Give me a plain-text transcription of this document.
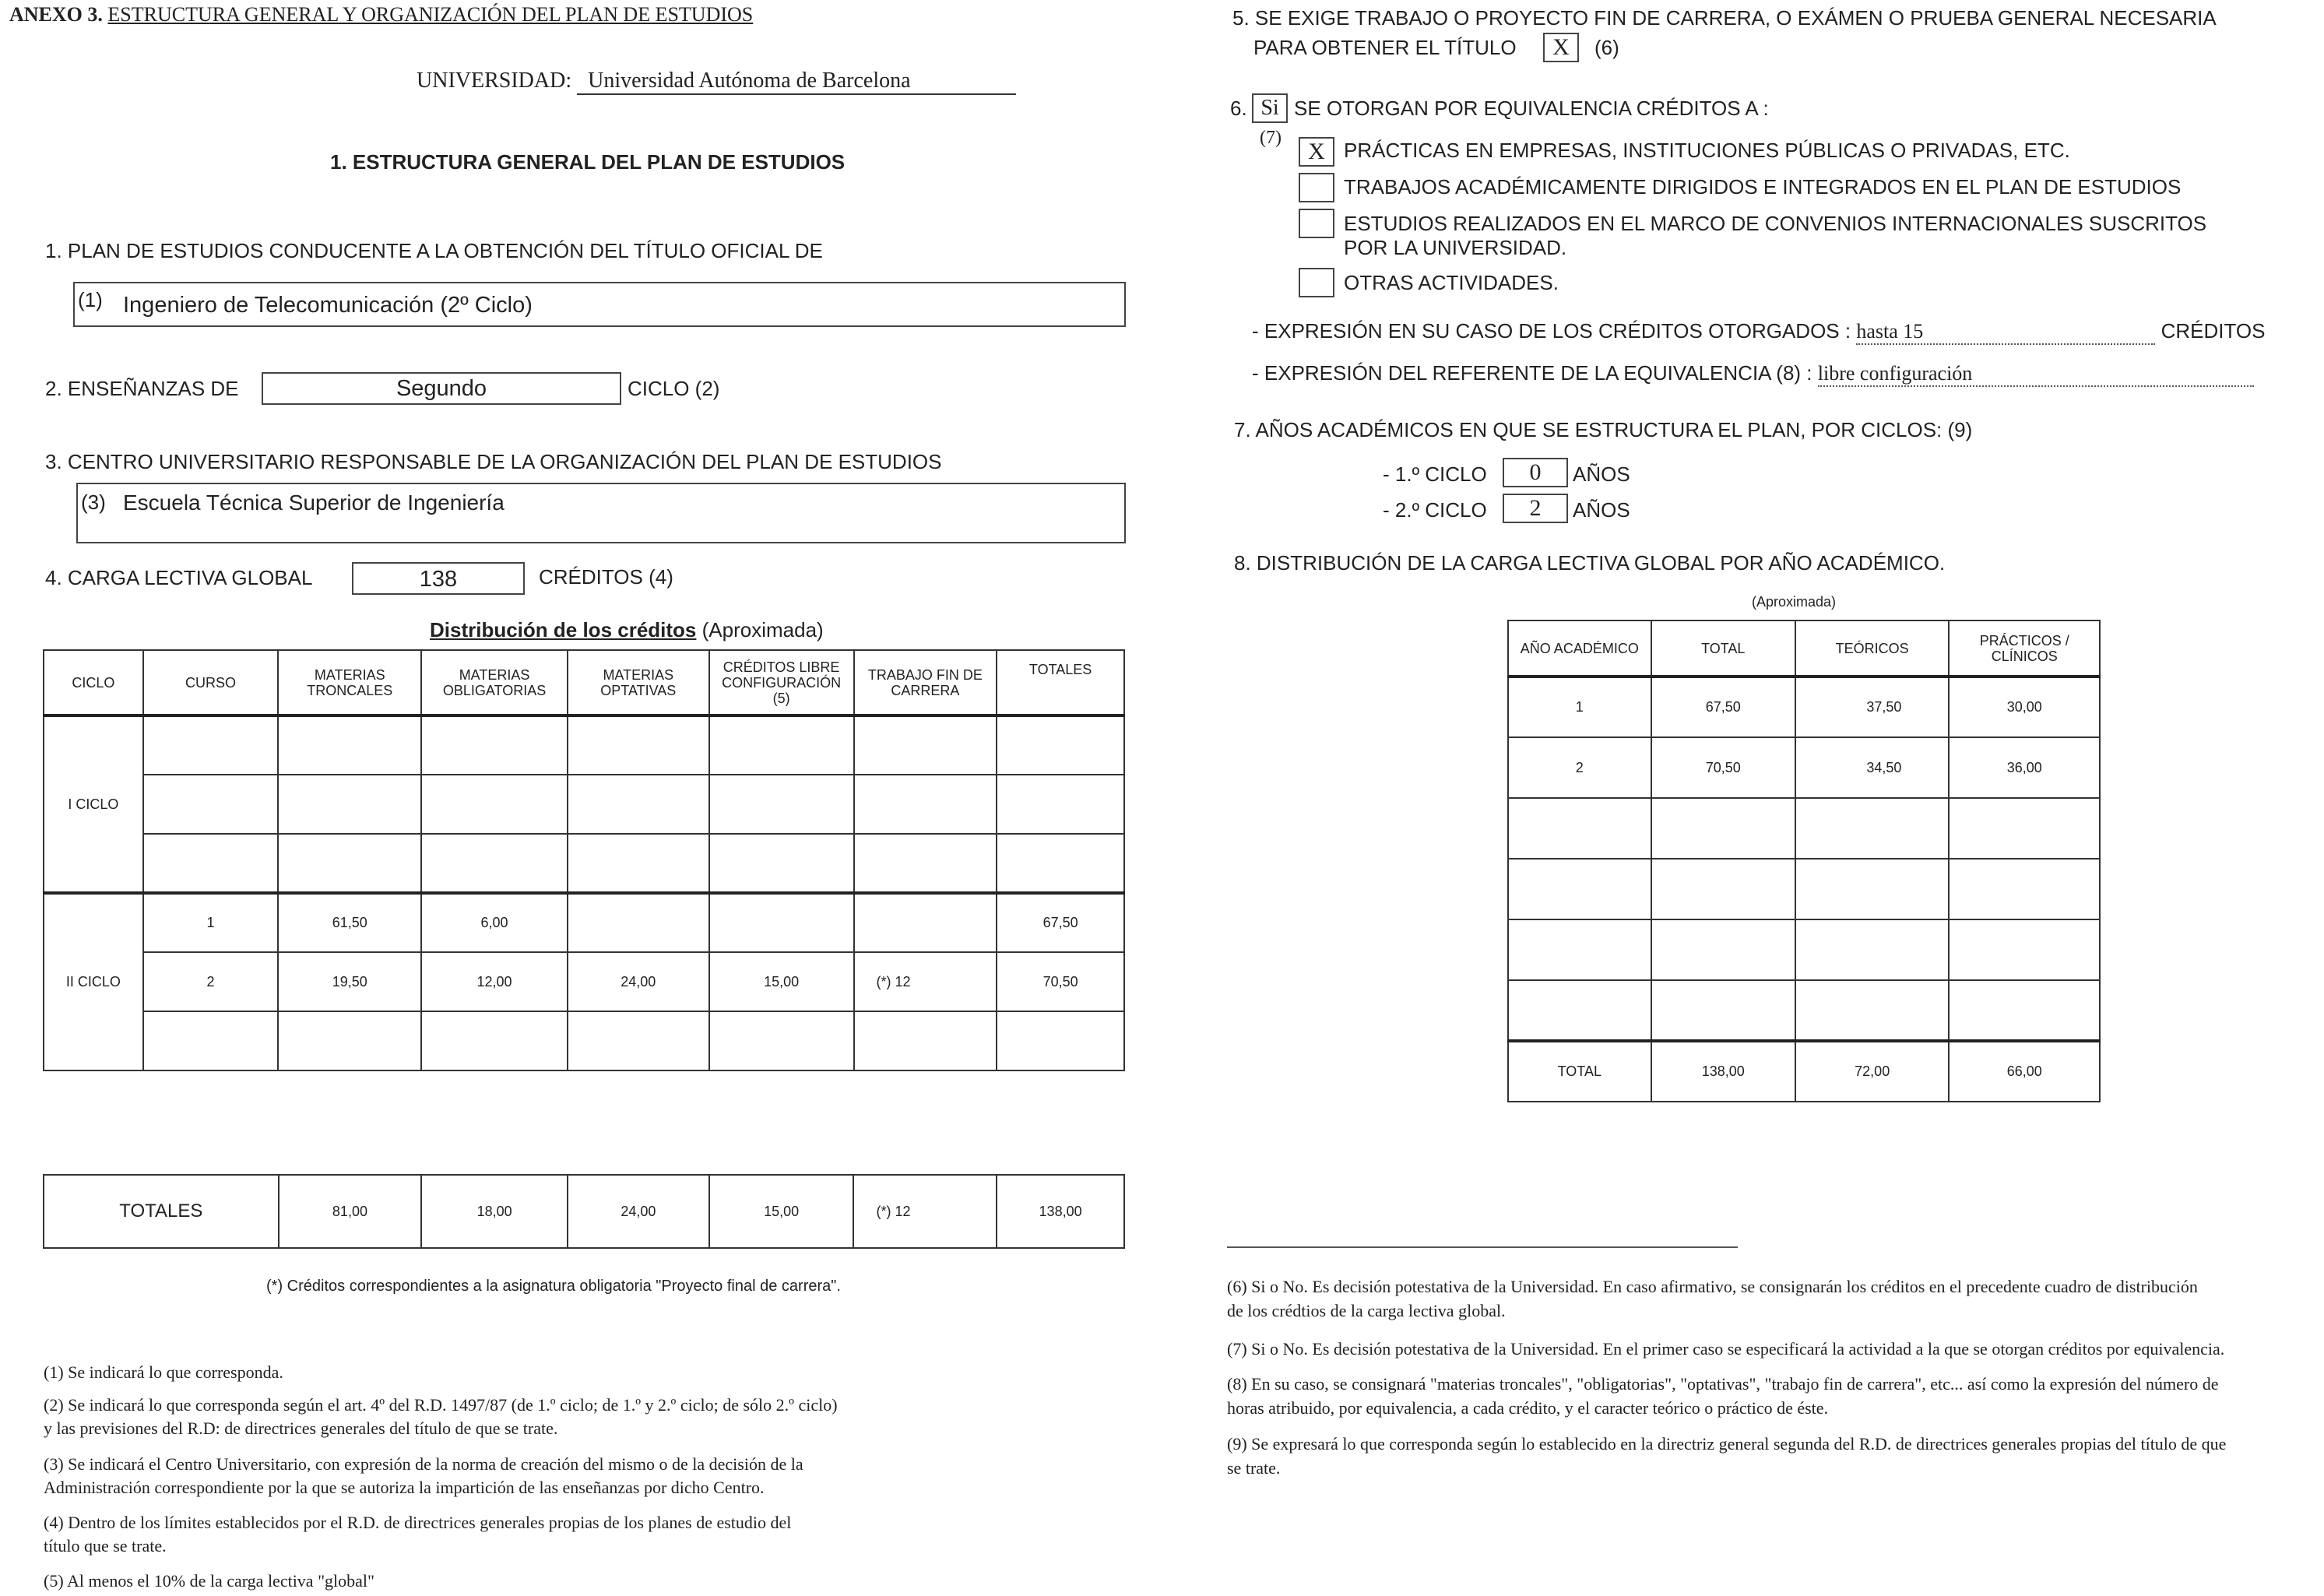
ANEXO 3. ESTRUCTURA GENERAL Y ORGANIZACIÓN DEL PLAN DE ESTUDIOS
UNIVERSIDAD: Universidad Autónoma de Barcelona
1. ESTRUCTURA GENERAL DEL PLAN DE ESTUDIOS
1. PLAN DE ESTUDIOS CONDUCENTE A LA OBTENCIÓN DEL TÍTULO OFICIAL DE
(1) Ingeniero de Telecomunicación (2º Ciclo)
2. ENSEÑANZAS DE	Segundo	CICLO (2)
3. CENTRO UNIVERSITARIO RESPONSABLE DE LA ORGANIZACIÓN DEL PLAN DE ESTUDIOS
(3) Escuela Técnica Superior de Ingeniería
4. CARGA LECTIVA GLOBAL	138	CRÉDITOS (4)
Distribución de los créditos (Aproximada)
CICLO	CURSO	MATERIAS TRONCALES	MATERIAS OBLIGATORIAS	MATERIAS OPTATIVAS	CRÉDITOS LIBRE CONFIGURACIÓN (5)	TRABAJO FIN DE CARRERA	TOTALES
I CICLO							

II CICLO	1	61,50	6,00				67,50
	2	19,50	12,00	24,00	15,00	(*) 12	70,50

TOTALES	81,00	18,00	24,00	15,00	(*) 12	138,00
(*) Créditos correspondientes a la asignatura obligatoria "Proyecto final de carrera".
(1) Se indicará lo que corresponda.
(2) Se indicará lo que corresponda según el art. 4º del R.D. 1497/87 (de 1.º ciclo; de 1.º y 2.º ciclo; de sólo 2.º ciclo)
y las previsiones del R.D: de directrices generales del título de que se trate.
(3) Se indicará el Centro Universitario, con expresión de la norma de creación del mismo o de la decisión de la
Administración correspondiente por la que se autoriza la impartición de las enseñanzas por dicho Centro.
(4) Dentro de los límites establecidos por el R.D. de directrices generales propias de los planes de estudio del
título que se trate.
(5) Al menos el 10% de la carga lectiva "global"
5. SE EXIGE TRABAJO O PROYECTO FIN DE CARRERA, O EXÁMEN O PRUEBA GENERAL NECESARIA
PARA OBTENER EL TÍTULO	X	(6)
6. Si SE OTORGAN POR EQUIVALENCIA CRÉDITOS A :
(7)
X PRÁCTICAS EN EMPRESAS, INSTITUCIONES PÚBLICAS O PRIVADAS, ETC.
TRABAJOS ACADÉMICAMENTE DIRIGIDOS E INTEGRADOS EN EL PLAN DE ESTUDIOS
ESTUDIOS REALIZADOS EN EL MARCO DE CONVENIOS INTERNACIONALES SUSCRITOS
POR LA UNIVERSIDAD.
OTRAS ACTIVIDADES.
- EXPRESIÓN EN SU CASO DE LOS CRÉDITOS OTORGADOS : hasta 15	CRÉDITOS
- EXPRESIÓN DEL REFERENTE DE LA EQUIVALENCIA (8) : libre configuración
7. AÑOS ACADÉMICOS EN QUE SE ESTRUCTURA EL PLAN, POR CICLOS: (9)
- 1.º CICLO	0	AÑOS
- 2.º CICLO	2	AÑOS
8. DISTRIBUCIÓN DE LA CARGA LECTIVA GLOBAL POR AÑO ACADÉMICO.
(Aproximada)
AÑO ACADÉMICO	TOTAL	TEÓRICOS	PRÁCTICOS / CLÍNICOS
1	67,50	37,50	30,00
2	70,50	34,50	36,00

TOTAL	138,00	72,00	66,00
(6) Si o No. Es decisión potestativa de la Universidad. En caso afirmativo, se consignarán los créditos en el precedente cuadro de distribución
de los crédtios de la carga lectiva global.
(7) Si o No. Es decisión potestativa de la Universidad. En el primer caso se especificará la actividad a la que se otorgan créditos por equivalencia.
(8) En su caso, se consignará "materias troncales", "obligatorias", "optativas", "trabajo fin de carrera", etc... así como la expresión del número de
horas atribuido, por equivalencia, a cada crédito, y el caracter teórico o práctico de éste.
(9) Se expresará lo que corresponda según lo establecido en la directriz general segunda del R.D. de directrices generales propias del título de que
se trate.
